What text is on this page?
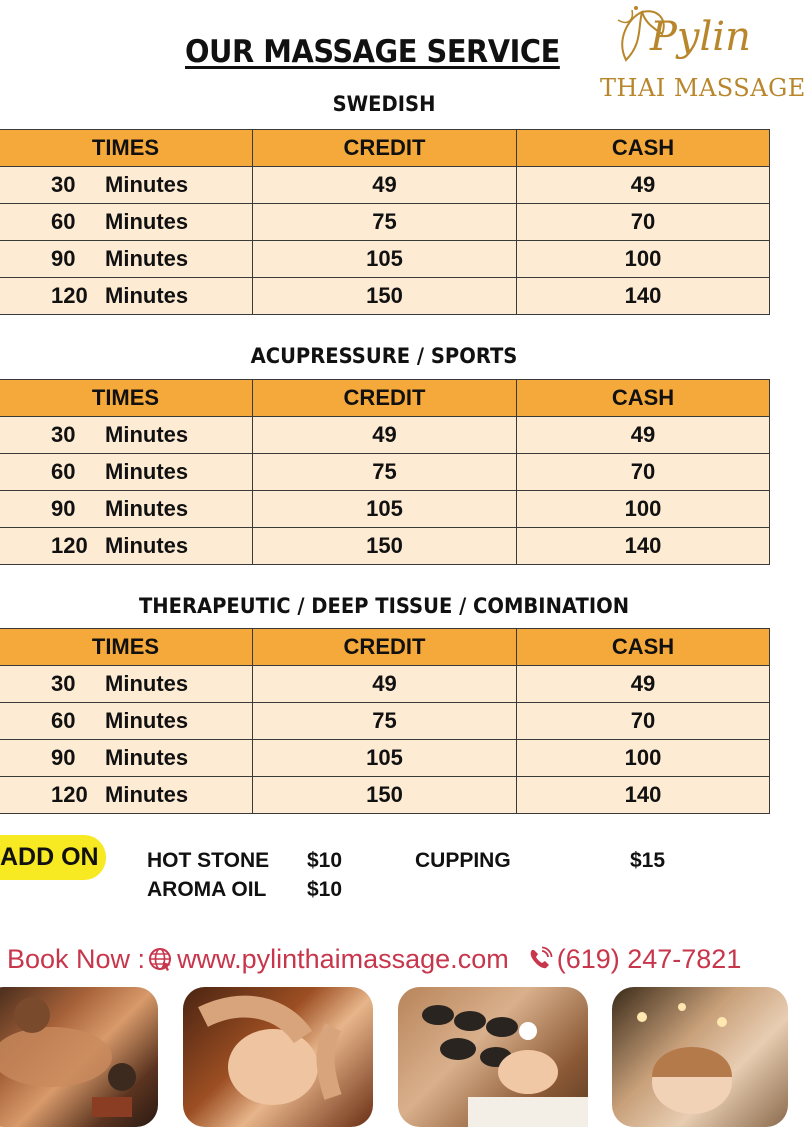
OUR MASSAGE SERVICE Pylin
THAI MASSAGE
SWEDISH
TIMES	CREDIT	CASH

30 Minutes	49	49

60 Minutes	75	70

90 Minutes	105	100

120 Minutes	150	140
ACUPRESSURE / SPORTS
TIMES	CREDIT	CASH

30 Minutes	49	49

60 Minutes	75	70

90 Minutes	105	100

120 Minutes	150	140
THERAPEUTIC / DEEP TISSUE / COMBINATION
TIMES	CREDIT	CASH

30 Minutes	49	49

60 Minutes	75	70

90 Minutes	105	100

120 Minutes	150	140
ADD ON	HOT STONE $10	CUPPING	$15
AROMA OIL $10
Book Now : www.pylinthaimassage.com (619) 247-7821
